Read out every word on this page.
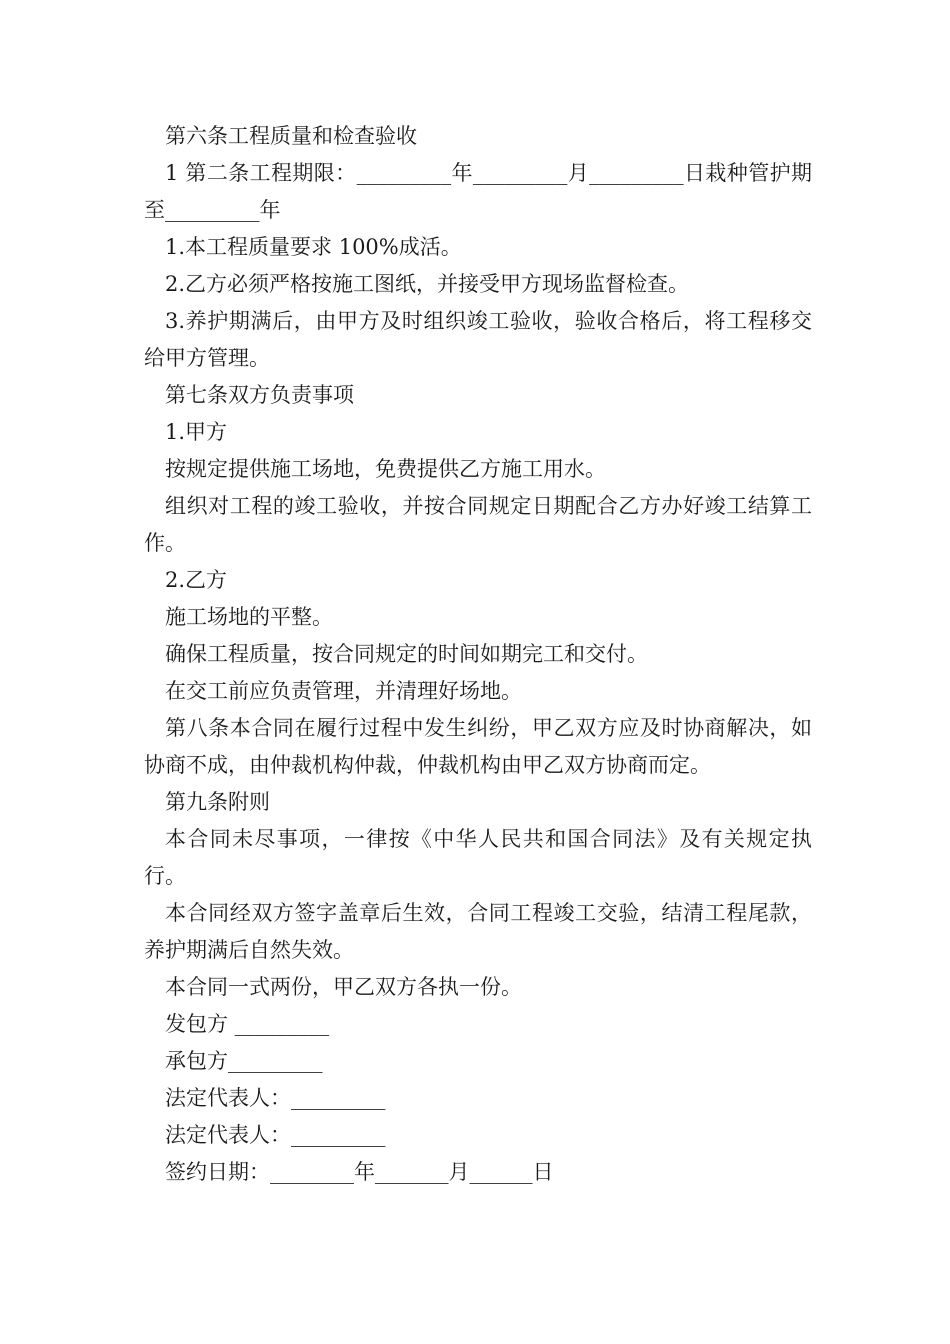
第六条工程质量和检查验收

1 第二条工程期限：_________年_________月_________日栽种管护期至_________年

1.本工程质量要求 100%成活。

2.乙方必须严格按施工图纸，并接受甲方现场监督检查。

3.养护期满后，由甲方及时组织竣工验收，验收合格后，将工程移交给甲方管理。

第七条双方负责事项

1.甲方

按规定提供施工场地，免费提供乙方施工用水。

组织对工程的竣工验收，并按合同规定日期配合乙方办好竣工结算工作。

2.乙方

施工场地的平整。

确保工程质量，按合同规定的时间如期完工和交付。

在交工前应负责管理，并清理好场地。

第八条本合同在履行过程中发生纠纷，甲乙双方应及时协商解决，如协商不成，由仲裁机构仲裁，仲裁机构由甲乙双方协商而定。

第九条附则

本合同未尽事项，一律按《中华人民共和国合同法》及有关规定执行。

本合同经双方签字盖章后生效，合同工程竣工交验，结清工程尾款，养护期满后自然失效。

本合同一式两份，甲乙双方各执一份。

发包方 _________

承包方_________

法定代表人：_________

法定代表人：_________

签约日期：________年_______月______日
